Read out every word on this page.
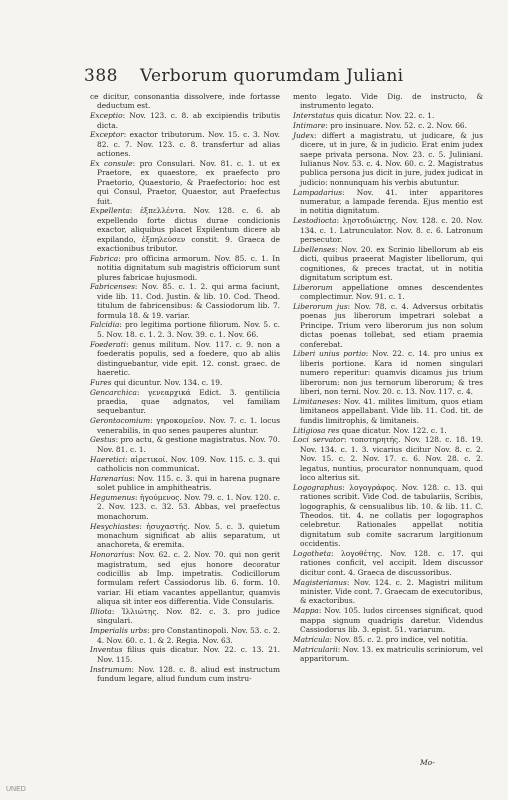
388 Verborum quorumdam Juliani

ce dicitur, consonantia dissolvere, inde fortasse deductum est.

Exceptio: Nov. 123. c. 8. ab excipiendis tributis dicta.

Exceptor: exactor tributorum. Nov. 15. c. 3. Nov. 82. c. 7. Nov. 123. c. 8. transfertur ad alias actiones.

Ex consule: pro Consulari. Nov. 81. c. 1. ut ex Praetore, ex quaestore, ex praefecto pro Praetorio, Quaestorio, & Praefectorio: hoc est qui Consul, Praetor, Quaestor, aut Praefectus fuit.

Expellenta: ἐξπελλέντα. Nov. 128. c. 6. ab expellendo forte dictus durae condicionis exactor, aliquibus placet Expilentum dicere ab expilando, ἐξπηλεύσεν constit. 9. Graeca de exactionibus tributor.

Fabrica: pro officina armorum. Nov. 85. c. 1. In notitia dignitatum sub magistris officiorum sunt plures fabricae hujusmodi.

Fabricenses: Nov. 85. c. 1. 2. qui arma faciunt, vide lib. 11. Cod. Justin. & lib. 10. Cod. Theod. titulum de fabricensibus: & Cassiodorum lib. 7. formula 18. & 19. variar.

Falcidia: pro legitima portione filiorum. Nov. 5. c. 5. Nov. 18. c. 1. 2. 3. Nov. 39. c. 1. Nov. 66.

Foederati: genus militum. Nov. 117. c. 9. non a foederatis populis, sed a foedere, quo ab aliis distinguebantur, vide epit. 12. const. graec. de haeretic.

Fures qui dicuntur. Nov. 134. c. 19.

Gencarchica: γενεαρχικά Edict. 3. gentilicia praedia, quae adgnatos, vel familiam sequebantur.

Gerontocomium: γηροκομεῖον. Nov. 7. c. 1. locus venerabilis, in quo senes pauperes aluntur.

Gestus: pro actu, & gestione magistratus. Nov. 70. Nov. 81. c. 1.

Haeretici: αἱρετικοί. Nov. 109. Nov. 115. c. 3. qui catholicis non communicat.

Harenarius: Nov. 115. c. 3. qui in harena pugnare solet publice in amphitheatris.

Hegumenus: ἡγούμενος. Nov. 79. c. 1. Nov. 120. c. 2. Nov. 123. c. 32. 53. Abbas, vel praefectus monachorum.

Hesychiastes: ἡσυχαστής. Nov. 5. c. 3. quietum monachum significat ab aliis separatum, ut anachoreta, & eremita.

Honorarius: Nov. 62. c. 2. Nov. 70. qui non gerit magistratum, sed ejus honore decoratur codicillis ab Imp. impetratis. Codicillorum formulam refert Cassiodorus lib. 6. form. 10. variar. Hi etiam vacantes appellantur, quamvis aliqua sit inter eos differentia. Vide Consularis.

Illiota: Ἰλλιώτης. Nov. 82. c. 3. pro judice singulari.

Imperialis urbs: pro Constantinopoli. Nov. 53. c. 2. 4. Nov. 60. c. 1. & 2. Regia. Nov. 63.

Inventus filius quis dicatur. Nov. 22. c. 13. 21. Nov. 115.

Instrumum: Nov. 128. c. 8. aliud est instructum fundum legare, aliud fundum cum instru-

mento legato. Vide Dig. de instructo, & instrumento legato.

Interstatus quis dicatur. Nov. 22. c. 1.

Intimare: pro insinuare. Nov. 52. c. 2. Nov. 66.

Judex: differt a magistratu, ut judicare, & jus dicere, ut in jure, & in judicio. Erat enim judex saepe privata persona. Nov. 23. c. 5. Juliniani. Iulianus Nov. 53. c. 4. Nov. 60. c. 2. Magistratus publica persona jus dicit in jure, judex judicat in judicio: nonnunquam his verbis abutuntur.

Lampadarius: Nov. 41. inter apparitores numeratur, a lampade ferenda. Ejus mentio est in notitia dignitatum.

Lestodiocta: λῃστοδιώκτης. Nov. 128. c. 20. Nov. 134. c. 1. Latrunculator. Nov. 8. c. 6. Latronum persecutor.

Libellenses: Nov. 20. ex Scrinio libellorum ab eis dicti, quibus praeerat Magister libellorum, qui cognitiones, & preces tractat, ut in notitia dignitatum scriptum est.

Liberorum appellatione omnes descendentes complectimur. Nov. 91. c. 1.

Liberorum jus: Nov. 78. c. 4. Adversus orbitatis poenas jus liberorum impetrari solebat a Principe. Trium vero liberorum jus non solum dictas poenas tollebat, sed etiam praemia conferebat.

Liberi unius portio: Nov. 22. c. 14. pro unius ex liberis portione. Kara id nomen singulari numero reperitur: quamvis dicamus jus trium liberorum: non jus ternorum liberorum; & tres liberi, non terni. Nov. 20. c. 13. Nov. 117. c. 4.

Limitaneses: Nov. 41. milites limitum, quos etiam limitaneos appellabant. Vide lib. 11. Cod. tit. de fundis limitrophis, & limitaneis.

Litigiosa res quae dicatur. Nov. 122. c. 1.

Loci servator: τοποτηρητής. Nov. 128. c. 18. 19. Nov. 134. c. 1. 3. vicarius dicitur Nov. 8. c. 2. Nov. 15. c. 2. Nov. 17. c. 6. Nov. 28. c. 2. legatus, nuntius, procurator nonnunquam, quod loco alterius sit.

Logographus: λογογράφος. Nov. 128. c. 13. qui rationes scribit. Vide Cod. de tabulariis, Scribis, logographis, & censualibus lib. 10. & lib. 11. C. Theodos. tit. 4. ne collatis per logographos celebretur. Rationales appellat notitia dignitatum sub comite sacrarum largitionum occidentis.

Logotheta: λογοθέτης. Nov. 128. c. 17. qui rationes conficit, vel accipit. Idem discussor dicitur cont. 4. Graeca de discussoribus.

Magisterianus: Nov. 124. c. 2. Magistri militum minister. Vide cont. 7. Graecam de executoribus, & exactoribus.

Mappa: Nov. 105. ludos circenses significat, quod mappa signum quadrigis daretur. Videndus Cassiodorus lib. 3. epist. 51. variarum.

Matricula: Nov. 85. c. 2. pro indice, vel notitia.

Matricularii: Nov. 13. ex matriculis scriniorum, vel apparitorum.

Mo-
UNED
